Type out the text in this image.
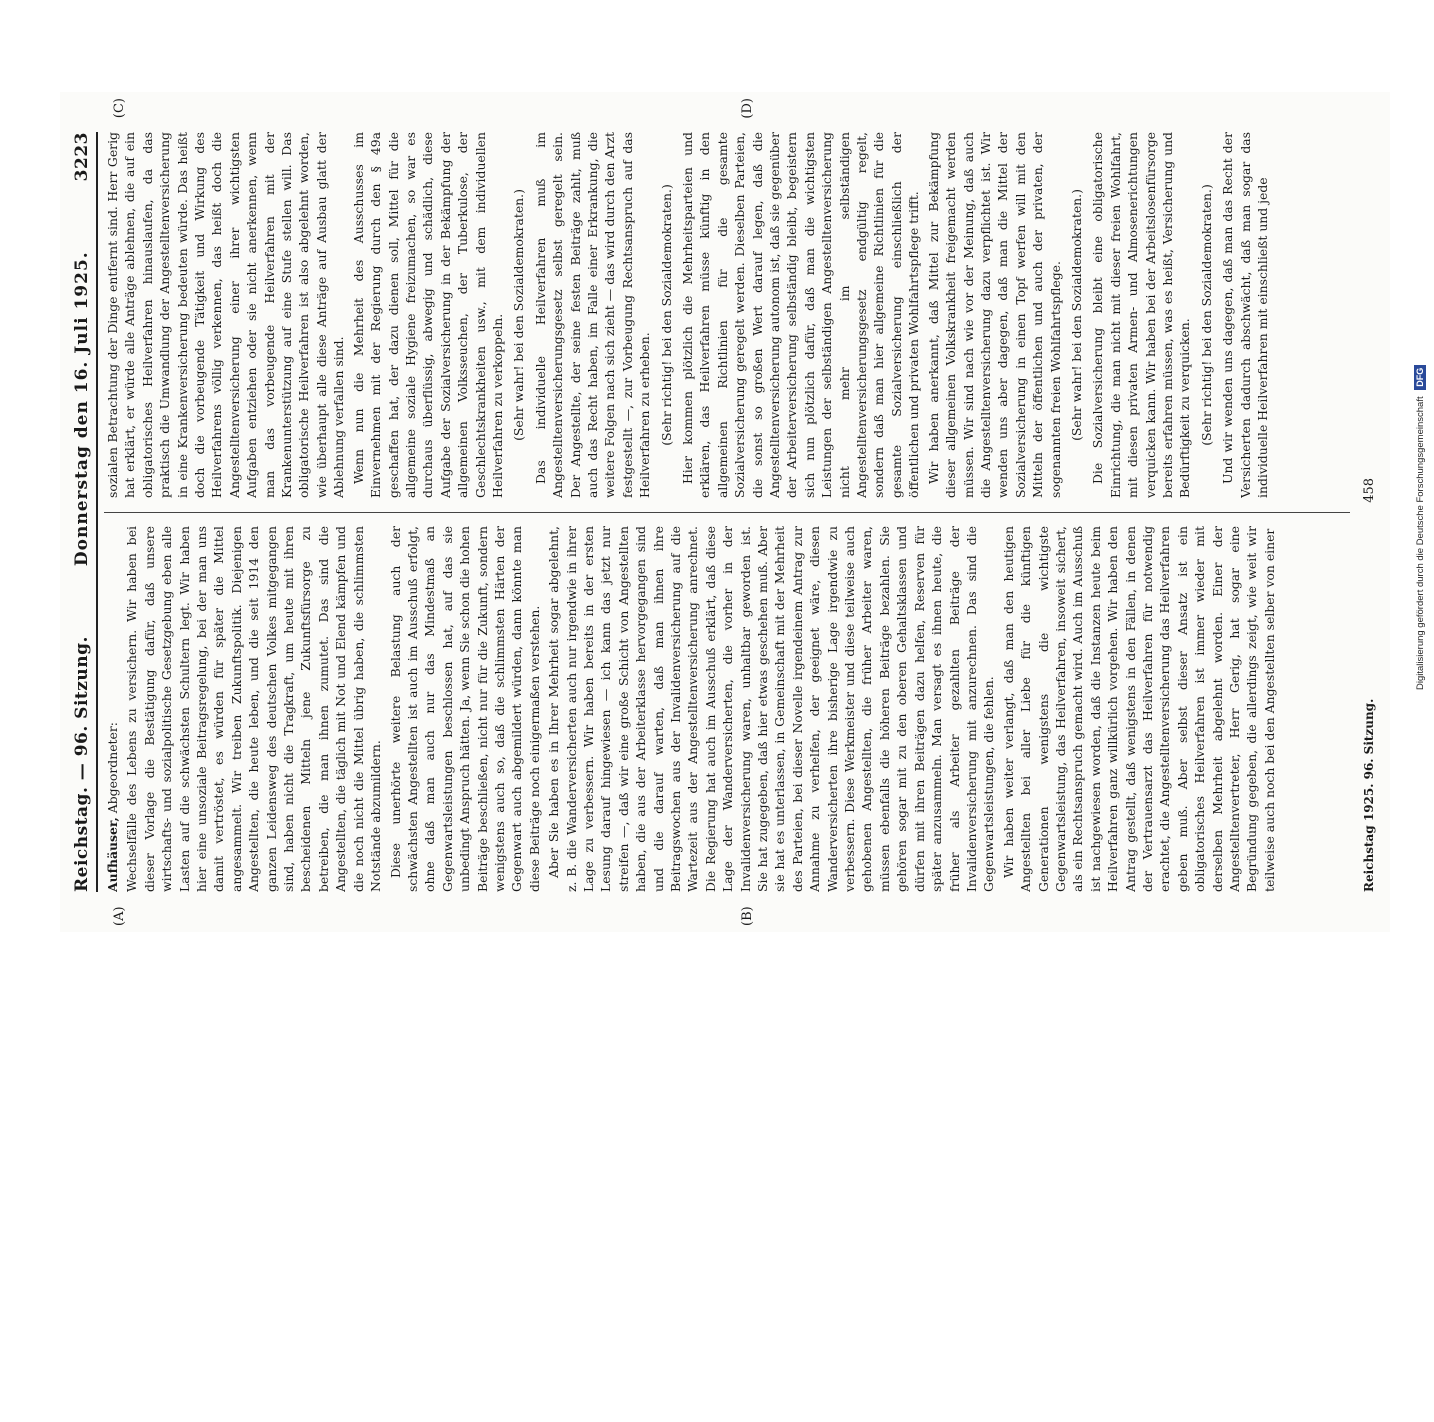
Reichstag. — 96. Sitzung.
Donnerstag den 16. Juli 1925.
3223
(A)	(B)
(C)	(D)

Aufhäuser, Abgeordneter: Wechselfälle des Lebens zu versichern. Wir haben bei dieser Vorlage die Bestätigung dafür, daß unsere wirtschafts- und sozialpolitische Gesetzgebung eben alle Lasten auf die schwächsten Schultern legt. Wir haben hier eine unsoziale Beitragsregelung, bei der man uns damit vertröstet, es würden für später die Mittel angesammelt. Wir treiben Zukunftspolitik. Diejenigen Angestellten, die heute leben, und die seit 1914 den ganzen Leidensweg des deutschen Volkes mitgegangen sind, haben nicht die Tragkraft, um heute mit ihren bescheidenen Mitteln jene Zukunftsfürsorge zu betreiben, die man ihnen zumutet. Das sind die Angestellten, die täglich mit Not und Elend kämpfen und die noch nicht die Mittel übrig haben, die schlimmsten Notstände abzumildern. Diese unerhörte weitere Belastung auch der schwächsten Angestellten ist auch im Ausschuß erfolgt, ohne daß man auch nur das Mindestmaß an Gegenwartsleistungen beschlossen hat, auf das sie unbedingt Anspruch hätten. Ja, wenn Sie schon die hohen Beiträge beschließen, nicht nur für die Zukunft, sondern wenigstens auch so, daß die schlimmsten Härten der Gegenwart auch abgemildert würden, dann könnte man diese Beiträge noch einigermaßen verstehen. Aber Sie haben es in Ihrer Mehrheit sogar abgelehnt, z. B. die Wanderversicherten auch nur irgendwie in ihrer Lage zu verbessern. Wir haben bereits in der ersten Lesung darauf hingewiesen — ich kann das jetzt nur streifen —, daß wir eine große Schicht von Angestellten haben, die aus der Arbeiterklasse hervorgegangen sind und die darauf warten, daß man ihnen ihre Beitragswochen aus der Invalidenversicherung auf die Wartezeit aus der Angestelltenversicherung anrechnet. Die Regierung hat auch im Ausschuß erklärt, daß diese Lage der Wanderversicherten, die vorher in der Invalidenversicherung waren, unhaltbar geworden ist. Sie hat zugegeben, daß hier etwas geschehen muß. Aber sie hat es unterlassen, in Gemeinschaft mit der Mehrheit des Parteien, bei dieser Novelle irgendeinem Antrag zur Annahme zu verhelfen, der geeignet wäre, diesen Wanderversicherten ihre bisherige Lage irgendwie zu verbessern. Diese Werkmeister und diese teilweise auch gehobenen Angestellten, die früher Arbeiter waren, müssen ebenfalls die höheren Beiträge bezahlen. Sie gehören sogar mit zu den oberen Gehaltsklassen und dürfen mit ihren Beiträgen dazu helfen, Reserven für später anzusammeln. Man versagt es ihnen heute, die früher als Arbeiter gezahlten Beiträge der Invalidenversicherung mit anzurechnen. Das sind die Gegenwartsleistungen, die fehlen. Wir haben weiter verlangt, daß man den heutigen Angestellten bei aller Liebe für die künftigen Generationen wenigstens die wichtigste Gegenwartsleistung, das Heilverfahren, insoweit sichert, als ein Rechtsanspruch gemacht wird. Auch im Ausschuß ist nachgewiesen worden, daß die Instanzen heute beim Heilverfahren ganz willkürlich vorgehen. Wir haben den Antrag gestellt, daß wenigstens in den Fällen, in denen der Vertrauensarzt das Heilverfahren für notwendig erachtet, die Angestelltenversicherung das Heilverfahren geben muß. Aber selbst dieser Ansatz ist ein obligatorisches Heilverfahren ist immer wieder mit derselben Mehrheit abgelehnt worden. Einer der Angestelltenvertreter, Herr Gerig, hat sogar eine Begründung gegeben, die allerdings zeigt, wie weit wir teilweise auch noch bei den Angestellten selber von einer

sozialen Betrachtung der Dinge entfernt sind. Herr Gerig hat erklärt, er würde alle Anträge ablehnen, die auf ein obligatorisches Heilverfahren hinauslaufen, da das praktisch die Umwandlung der Angestelltenversicherung in eine Krankenversicherung bedeuten würde. Das heißt doch die vorbeugende Tätigkeit und Wirkung des Heilverfahrens völlig verkennen, das heißt doch die Angestelltenversicherung einer ihrer wichtigsten Aufgaben entziehen oder sie nicht anerkennen, wenn man das vorbeugende Heilverfahren mit der Krankenunterstützung auf eine Stufe stellen will. Das obligatorische Heilverfahren ist also abgelehnt worden, wie überhaupt alle diese Anträge auf Ausbau glatt der Ablehnung verfallen sind. Wenn nun die Mehrheit des Ausschusses im Einvernehmen mit der Regierung durch den § 49a geschaffen hat, der dazu dienen soll, Mittel für die allgemeine soziale Hygiene freizumachen, so war es durchaus überflüssig, abwegig und schädlich, diese Aufgabe der Sozialversicherung in der Bekämpfung der allgemeinen Volksseuchen, der Tuberkulose, der Geschlechtskrankheiten usw., mit dem individuellen Heilverfahren zu verkoppeln. (Sehr wahr! bei den Sozialdemokraten.) Das individuelle Heilverfahren muß im Angestelltenversicherungsgesetz selbst geregelt sein. Der Angestellte, der seine festen Beiträge zahlt, muß auch das Recht haben, im Falle einer Erkrankung, die weitere Folgen nach sich zieht — das wird durch den Arzt festgestellt —, zur Vorbeugung Rechtsanspruch auf das Heilverfahren zu erheben. (Sehr richtig! bei den Sozialdemokraten.) Hier kommen plötzlich die Mehrheitsparteien und erklären, das Heilverfahren müsse künftig in den allgemeinen Richtlinien für die gesamte Sozialversicherung geregelt werden. Dieselben Parteien, die sonst so großen Wert darauf legen, daß die Angestelltenversicherung autonom ist, daß sie gegenüber der Arbeiterversicherung selbständig bleibt, begeistern sich nun plötzlich dafür, daß man die wichtigsten Leistungen der selbständigen Angestelltenversicherung nicht mehr im selbständigen Angestelltenversicherungsgesetz endgültig regelt, sondern daß man hier allgemeine Richtlinien für die gesamte Sozialversicherung einschließlich der öffentlichen und privaten Wohlfahrtspflege trifft. Wir haben anerkannt, daß Mittel zur Bekämpfung dieser allgemeinen Volkskrankheit freigemacht werden müssen. Wir sind nach wie vor der Meinung, daß auch die Angestelltenversicherung dazu verpflichtet ist. Wir wenden uns aber dagegen, daß man die Mittel der Sozialversicherung in einen Topf werfen will mit den Mitteln der öffentlichen und auch der privaten, der sogenannten freien Wohlfahrtspflege. (Sehr wahr! bei den Sozialdemokraten.) Die Sozialversicherung bleibt eine obligatorische Einrichtung, die man nicht mit dieser freien Wohlfahrt, mit diesen privaten Armen- und Almosenerichtungen verquicken kann. Wir haben bei der Arbeitslosenfürsorge bereits erfahren müssen, was es heißt, Versicherung und Bedürftigkeit zu verquicken. (Sehr richtig! bei den Sozialdemokraten.) Und wir wenden uns dagegen, daß man das Recht der Versicherten dadurch abschwächt, daß man sogar das individuelle Heilverfahren mit einschließt und jede

Reichstag 1925. 96. Sitzung.
458	Digitalisierung gefördert durch die Deutsche Forschungsgemeinschaft DFG
